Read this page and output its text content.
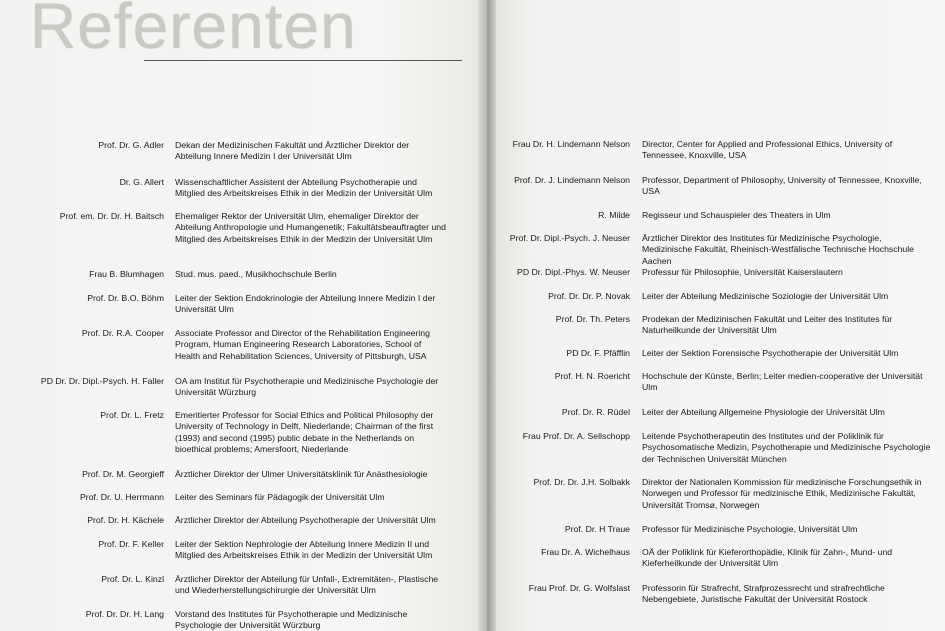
Referenten
Prof. Dr. G. Adler	Dekan der Medizinischen Fakultät und Ärztlicher Direktor der Abteilung Innere Medizin I der Universität Ulm
Dr. G. Allert	Wissenschaftlicher Assistent der Abteilung Psychotherapie und Mitglied des Arbeitskreises Ethik in der Medizin der Universität Ulm
Prof. em. Dr. Dr. H. Baitsch	Ehemaliger Rektor der Universität Ulm, ehemaliger Direktor der Abteilung Anthropologie und Humangenetik; Fakultätsbeauftragter und Mitglied des Arbeitskreises Ethik in der Medizin der Universität Ulm
Frau B. Blumhagen	Stud. mus. paed., Musikhochschule Berlin
Prof. Dr. B.O. Böhm	Leiter der Sektion Endokrinologie der Abteilung Innere Medizin I der Universität Ulm
Prof. Dr. R.A. Cooper	Associate Professor and Director of the Rehabilitation Engineering Program, Human Engineering Research Laboratories, School of Health and Rehabilitation Sciences, University of Pittsburgh, USA
PD Dr. Dr. Dipl.-Psych. H. Faller	OA am Institut für Psychotherapie und Medizinische Psychologie der Universität Würzburg
Prof. Dr. L. Fretz	Emeritierter Professor for Social Ethics and Political Philosophy der University of Technology in Delft, Niederlande; Chairman of the first (1993) and second (1995) public debate in the Netherlands on bioethical problems; Amersfoort, Niederlande
Prof. Dr. M. Georgieff	Ärztlicher Direktor der Ulmer Universitätsklinik für Anästhesiologie
Prof. Dr. U. Herrmann	Leiter des Seminars für Pädagogik der Universität Ulm
Prof. Dr. H. Kächele	Ärztlicher Direktor der Abteilung Psychotherapie der Universität Ulm
Prof. Dr. F. Keller	Leiter der Sektion Nephrologie der Abteilung Innere Medizin II und Mitglied des Arbeitskreises Ethik in der Medizin der Universität Ulm
Prof. Dr. L. Kinzl	Ärztlicher Direktor der Abteilung für Unfall-, Extremitäten-, Plastische und Wiederherstellungschirurgie der Universität Ulm
Prof. Dr. Dr. H. Lang	Vorstand des Institutes für Psychotherapie und Medizinische Psychologie der Universität Würzburg
Frau Dr. H. Lindemann Nelson	Director, Center for Applied and Professional Ethics, University of Tennessee, Knoxville, USA
Prof. Dr. J. Lindemann Nelson	Professor, Department of Philosophy, University of Tennessee, Knoxville, USA
R. Milde	Regisseur und Schauspieler des Theaters in Ulm
Prof. Dr. Dipl.-Psych. J. Neuser	Ärztlicher Direktor des Institutes für Medizinische Psychologie, Medizinische Fakultät, Rheinisch-Westfälische Technische Hochschule Aachen
PD Dr. Dipl.-Phys. W. Neuser	Professur für Philosophie, Universität Kaiserslautern
Prof. Dr. Dr. P. Novak	Leiter der Abteilung Medizinische Soziologie der Universität Ulm
Prof. Dr. Th. Peters	Prodekan der Medizinischen Fakultät und Leiter des Institutes für Naturheilkunde der Universität Ulm
PD Dr. F. Pfäfflin	Leiter der Sektion Forensische Psychotherapie der Universität Ulm
Prof. H. N. Roericht	Hochschule der Künste, Berlin; Leiter medien-cooperative der Universität Ulm
Prof. Dr. R. Rüdel	Leiter der Abteilung Allgemeine Physiologie der Universität Ulm
Frau Prof. Dr. A. Sellschopp	Leitende Psychotherapeutin des Institutes und der Poliklinik für Psychosomatische Medizin, Psychotherapie und Medizinische Psychologie der Technischen Universität München
Prof. Dr. Dr. J.H. Solbakk	Direktor der Nationalen Kommission für medizinische Forschungsethik in Norwegen und Professor für medizinische Ethik, Medizinische Fakultät, Universität Tromsø, Norwegen
Prof. Dr. H Traue	Professor für Medizinische Psychologie, Universität Ulm
Frau Dr. A. Wichelhaus	OÄ der Poliklink für Kieferorthopädie, Klinik für Zahn-, Mund- und Kieferheilkunde der Universität Ulm
Frau Prof. Dr. G. Wolfslast	Professorin für Strafrecht, Strafprozessrecht und strafrechtliche Nebengebiete, Juristische Fakultät der Universität Rostock
